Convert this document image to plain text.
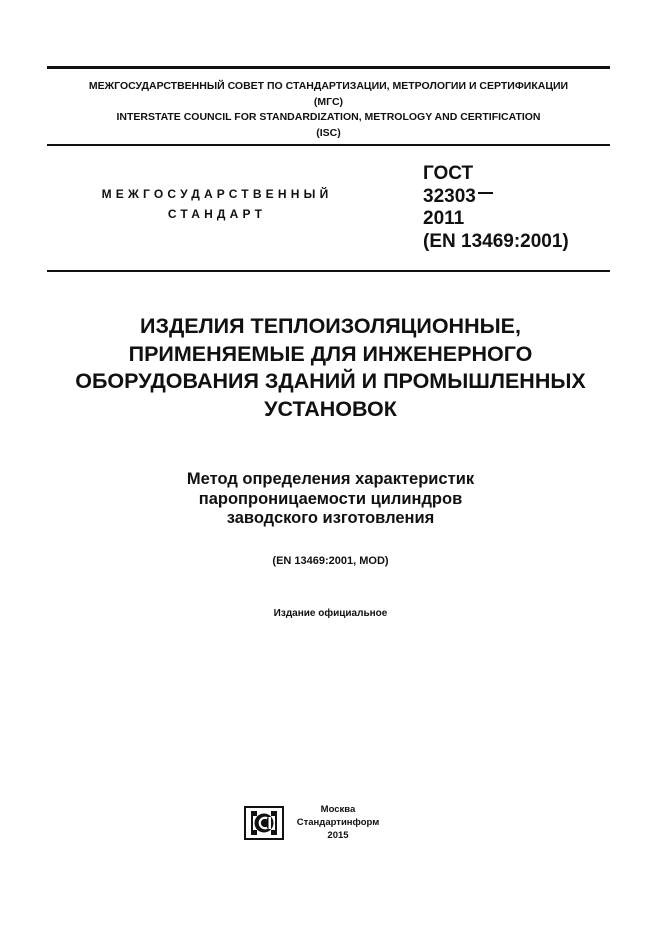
МЕЖГОСУДАРСТВЕННЫЙ СОВЕТ ПО СТАНДАРТИЗАЦИИ, МЕТРОЛОГИИ И СЕРТИФИКАЦИИ
(МГС)
INTERSTATE COUNCIL FOR STANDARDIZATION, METROLOGY AND CERTIFICATION
(ISC)
МЕЖГОСУДАРСТВЕННЫЙ
СТАНДАРТ
ГОСТ
32303
2011
(EN 13469:2001)
ИЗДЕЛИЯ ТЕПЛОИЗОЛЯЦИОННЫЕ,
ПРИМЕНЯЕМЫЕ ДЛЯ ИНЖЕНЕРНОГО
ОБОРУДОВАНИЯ ЗДАНИЙ И ПРОМЫШЛЕННЫХ
УСТАНОВОК
Метод определения характеристик
паропроницаемости цилиндров
заводского изготовления
(EN 13469:2001, MOD)
Издание официальное
Москва
Стандартинформ
2015
